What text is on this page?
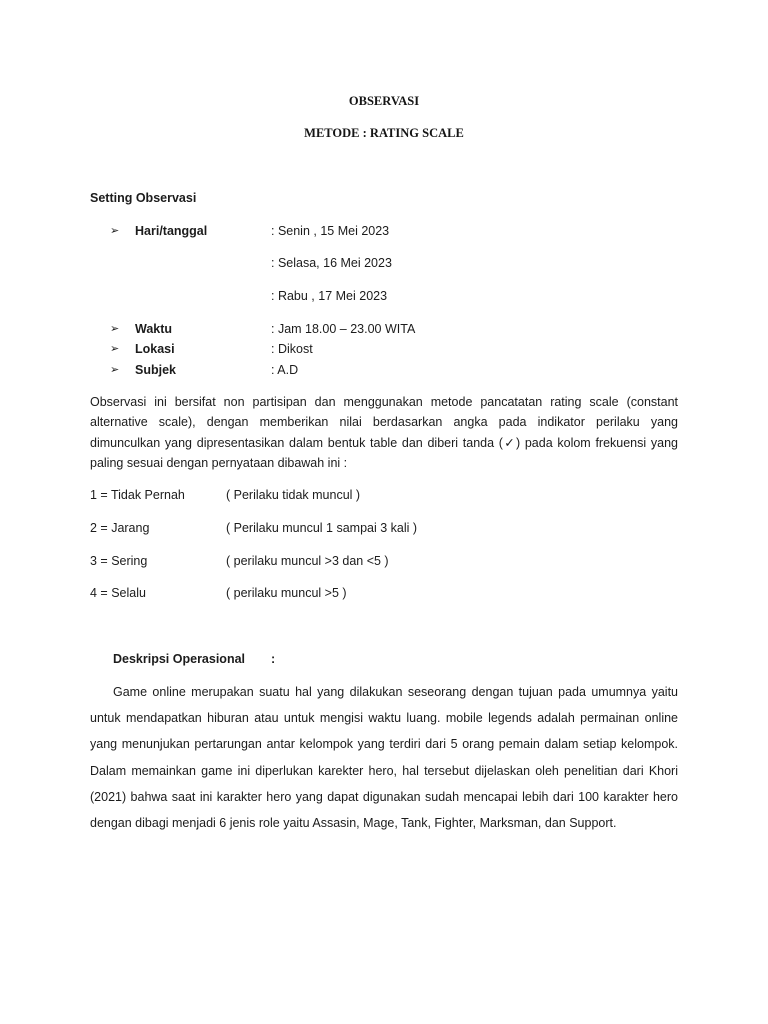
OBSERVASI
METODE : RATING SCALE
Setting Observasi
➢ Hari/tanggal	: Senin , 15 Mei 2023
: Selasa, 16 Mei 2023
: Rabu , 17 Mei 2023
➢ Waktu	: Jam 18.00 – 23.00 WITA
➢ Lokasi	: Dikost
➢ Subjek	: A.D
Observasi ini bersifat non partisipan dan menggunakan metode pancatatan rating scale (constant
alternative scale), dengan memberikan nilai berdasarkan angka pada indikator perilaku yang
dimunculkan yang dipresentasikan dalam bentuk table dan diberi tanda (✓) pada kolom frekuensi yang
paling sesuai dengan pernyataan dibawah ini :
1 = Tidak Pernah	( Perilaku tidak muncul )
2 = Jarang	( Perilaku muncul 1 sampai 3 kali )
3 = Sering	( perilaku muncul >3 dan <5 )
4 = Selalu	( perilaku muncul >5 )
Deskripsi Operasional :
Game online merupakan suatu hal yang dilakukan seseorang dengan tujuan pada umumnya yaitu
untuk mendapatkan hiburan atau untuk mengisi waktu luang. mobile legends adalah permainan online
yang menunjukan pertarungan antar kelompok yang terdiri dari 5 orang pemain dalam setiap kelompok.
Dalam memainkan game ini diperlukan karekter hero, hal tersebut dijelaskan oleh penelitian dari Khori
(2021) bahwa saat ini karakter hero yang dapat digunakan sudah mencapai lebih dari 100 karakter hero
dengan dibagi menjadi 6 jenis role yaitu Assasin, Mage, Tank, Fighter, Marksman, dan Support.
